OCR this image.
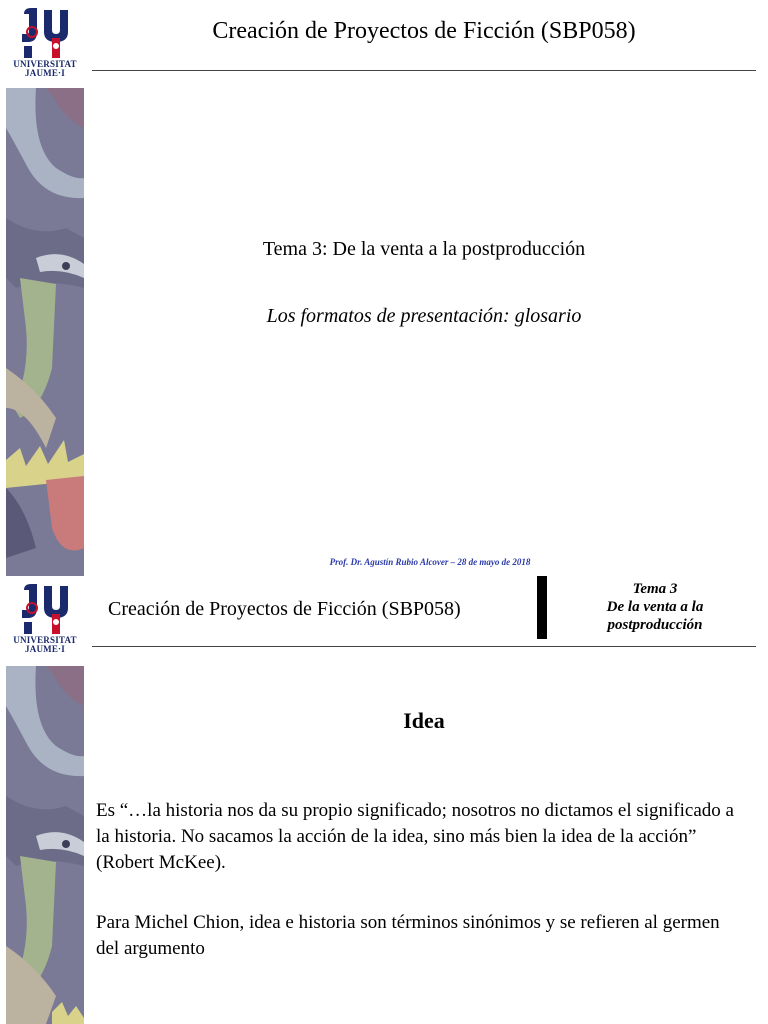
UNIVERSITAT
JAUME·I
Creación de Proyectos de Ficción (SBP058)
Tema 3: De la venta a la postproducción
Los formatos de presentación: glosario
Prof. Dr. Agustín Rubio Alcover – 28 de mayo de 2018
UNIVERSITAT
JAUME·I
Creación de Proyectos de Ficción (SBP058)
Tema 3
De la venta a la
postproducción
Idea
Es “…la historia nos da su propio significado; nosotros no dictamos el significado a la historia. No sacamos la acción de la idea, sino más bien la idea de la acción” (Robert McKee).
Para Michel Chion, idea e historia son términos sinónimos y se refieren al germen del argumento
